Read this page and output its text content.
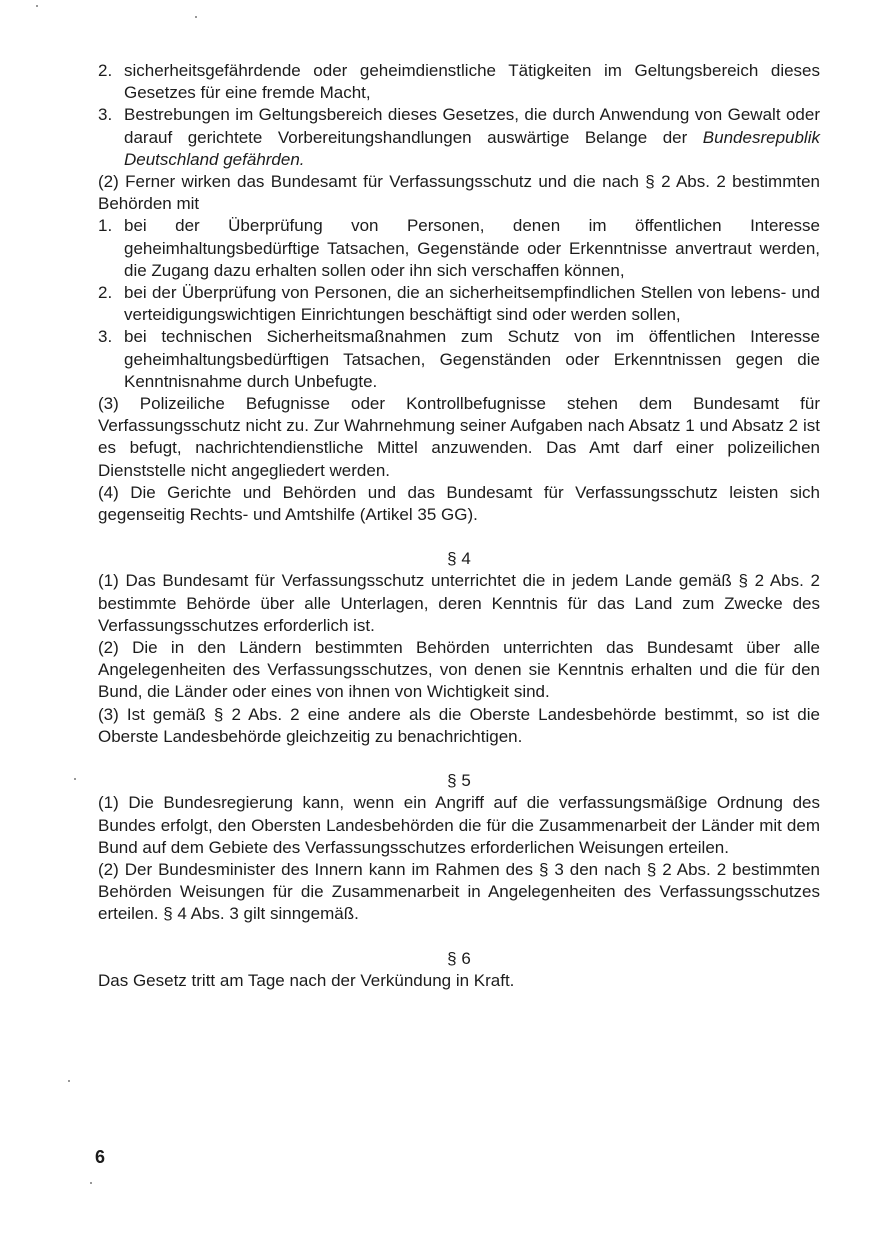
2. sicherheitsgefährdende oder geheimdienstliche Tätigkeiten im Geltungsbereich dieses Gesetzes für eine fremde Macht,
3. Bestrebungen im Geltungsbereich dieses Gesetzes, die durch Anwendung von Gewalt oder darauf gerichtete Vorbereitungshandlungen auswärtige Belange der Bundesrepublik Deutschland gefährden.
(2) Ferner wirken das Bundesamt für Verfassungsschutz und die nach § 2 Abs. 2 bestimmten Behörden mit
1. bei der Überprüfung von Personen, denen im öffentlichen Interesse geheimhaltungsbedürftige Tatsachen, Gegenstände oder Erkenntnisse anvertraut werden, die Zugang dazu erhalten sollen oder ihn sich verschaffen können,
2. bei der Überprüfung von Personen, die an sicherheitsempfindlichen Stellen von lebens- und verteidigungswichtigen Einrichtungen beschäftigt sind oder werden sollen,
3. bei technischen Sicherheitsmaßnahmen zum Schutz von im öffentlichen Interesse geheimhaltungsbedürftigen Tatsachen, Gegenständen oder Erkenntnissen gegen die Kenntnisnahme durch Unbefugte.
(3) Polizeiliche Befugnisse oder Kontrollbefugnisse stehen dem Bundesamt für Verfassungsschutz nicht zu. Zur Wahrnehmung seiner Aufgaben nach Absatz 1 und Absatz 2 ist es befugt, nachrichtendienstliche Mittel anzuwenden. Das Amt darf einer polizeilichen Dienststelle nicht angegliedert werden.
(4) Die Gerichte und Behörden und das Bundesamt für Verfassungsschutz leisten sich gegenseitig Rechts- und Amtshilfe (Artikel 35 GG).
§ 4
(1) Das Bundesamt für Verfassungsschutz unterrichtet die in jedem Lande gemäß § 2 Abs. 2 bestimmte Behörde über alle Unterlagen, deren Kenntnis für das Land zum Zwecke des Verfassungsschutzes erforderlich ist.
(2) Die in den Ländern bestimmten Behörden unterrichten das Bundesamt über alle Angelegenheiten des Verfassungsschutzes, von denen sie Kenntnis erhalten und die für den Bund, die Länder oder eines von ihnen von Wichtigkeit sind.
(3) Ist gemäß § 2 Abs. 2 eine andere als die Oberste Landesbehörde bestimmt, so ist die Oberste Landesbehörde gleichzeitig zu benachrichtigen.
§ 5
(1) Die Bundesregierung kann, wenn ein Angriff auf die verfassungsmäßige Ordnung des Bundes erfolgt, den Obersten Landesbehörden die für die Zusammenarbeit der Länder mit dem Bund auf dem Gebiete des Verfassungsschutzes erforderlichen Weisungen erteilen.
(2) Der Bundesminister des Innern kann im Rahmen des § 3 den nach § 2 Abs. 2 bestimmten Behörden Weisungen für die Zusammenarbeit in Angelegenheiten des Verfassungsschutzes erteilen. § 4 Abs. 3 gilt sinngemäß.
§ 6
Das Gesetz tritt am Tage nach der Verkündung in Kraft.
6
